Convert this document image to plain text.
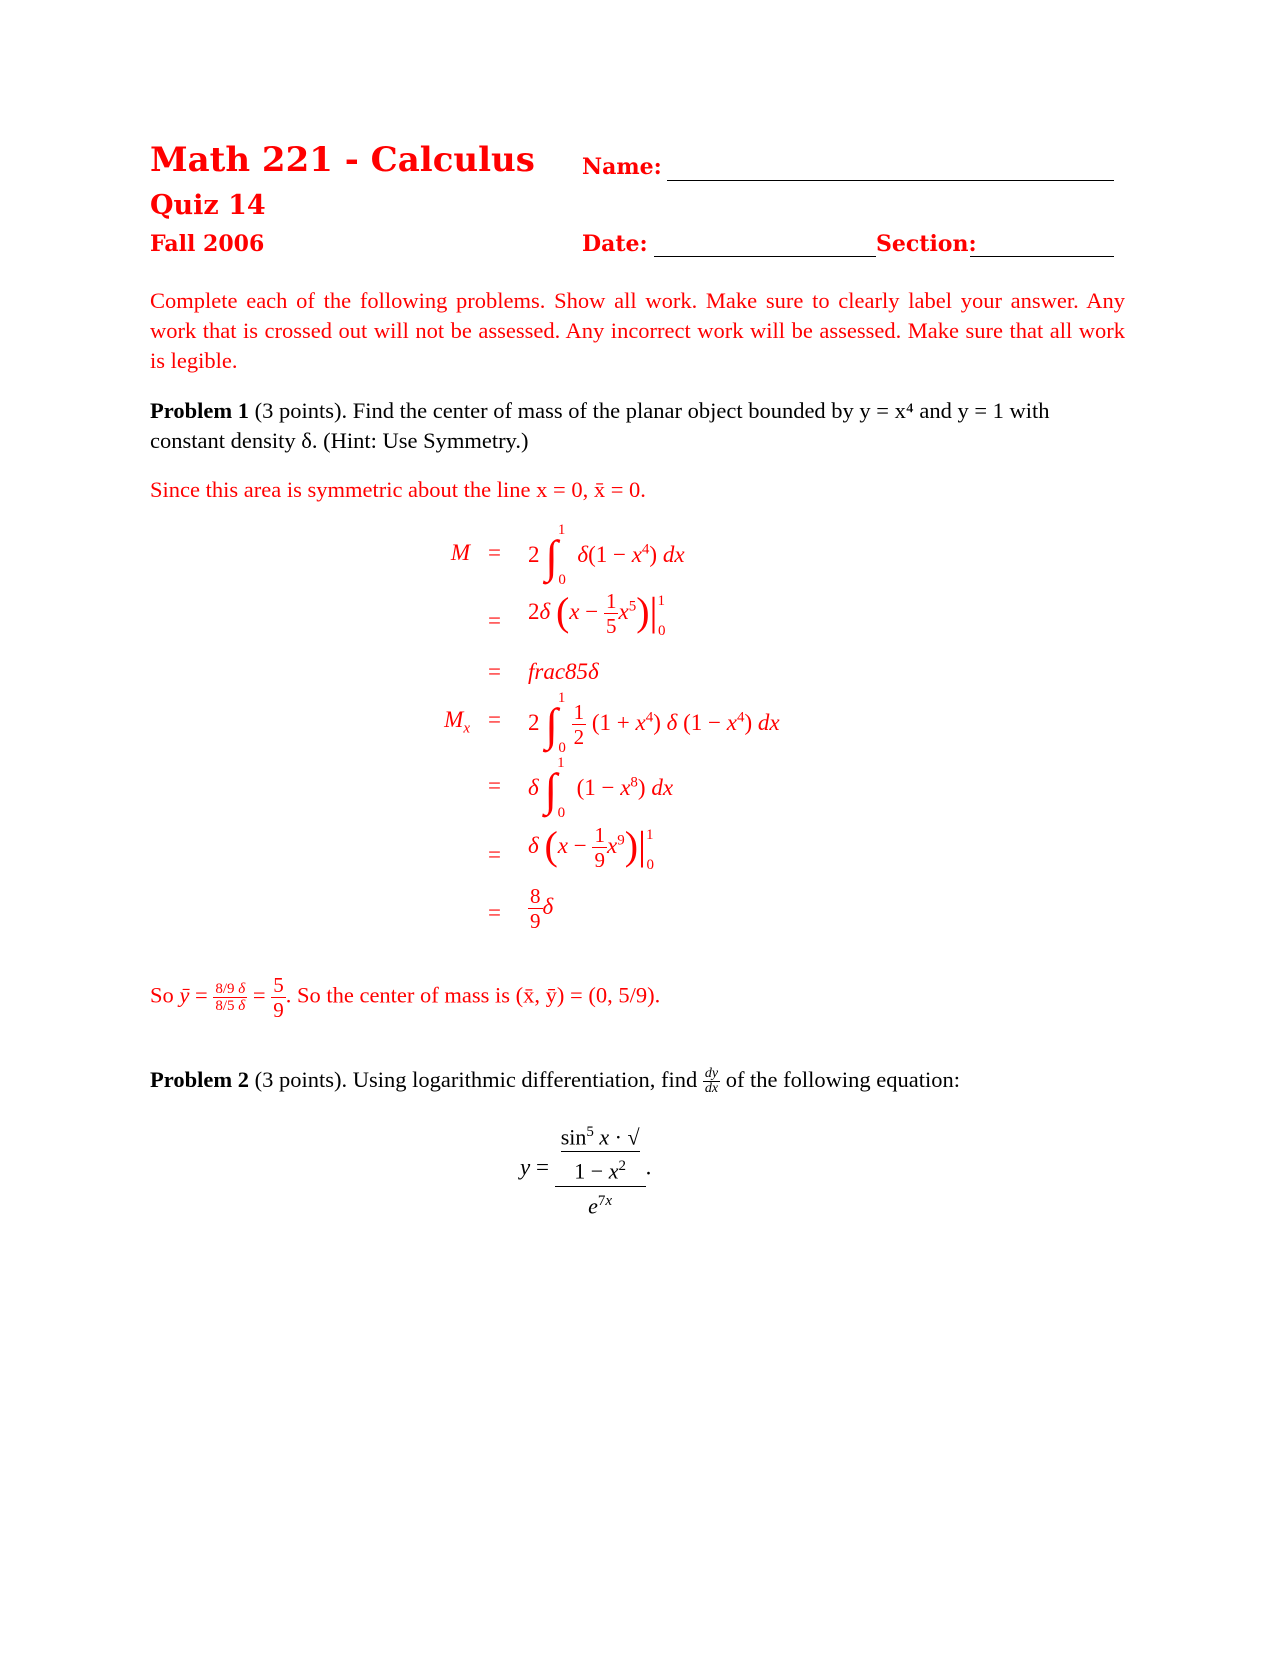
Math 221 - Calculus
Quiz 14
Fall 2006
Name:
Date:	Section:
Complete each of the following problems. Show all work. Make sure to clearly label your answer. Any work that is crossed out will not be assessed. Any incorrect work will be assessed. Make sure that all work is legible.
Problem 1 (3 points). Find the center of mass of the planar object bounded by y = x⁴ and y = 1 with constant density δ. (Hint: Use Symmetry.)
Since this area is symmetric about the line x = 0, x̄ = 0.
M = 2 ∫$^1_0$  $\delta(1 - x^4)$ dx
= 2δ $(x - \frac{1}{5} x^5)|^1_0$
= frac85δ
$M_x = 2$ $\int^1_0 \frac{1}{2} (1 + x^4)$ δ $(1 - x^4)$ dx
= δ ∫$^1_0$  $(1 - x^8)$ dx
= δ $(x - \frac{1}{9} x^9)|^1_0$
= $\frac{8}{9}$ δ
So ȳ = $\frac{8/9 \delta}{8/5 \delta} = \frac{5}{9}$ . So the center of mass is (x̄, ȳ) = (0, 5/9).
Problem 2 (3 points). Using logarithmic differentiation, find $\frac{dy}{dx}$ of the following equation:
$y = \sin^5 x$ · √
$1 - x^2$
$e^{7x}$ .
